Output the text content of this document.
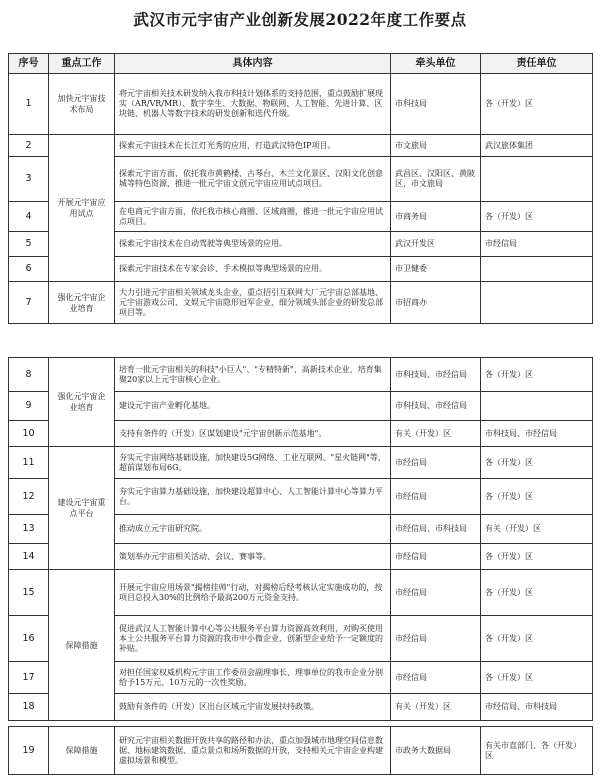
武汉市元宇宙产业创新发展2022年度工作要点
序号	重点工作	具体内容	牵头单位	责任单位
1	加快元宇宙技术布局	将元宇宙相关技术研发纳入我市科技计划体系的支持范围，重点鼓励扩展现实（AR/VR/MR）、数字孪生、大数据、物联网、人工智能、先进计算、区块链、机器人等数字技术的研发创新和迭代升级。	市科技局	各（开发）区
2	开展元宇宙应用试点	探索元宇宙技术在长江灯光秀的应用，打造武汉特色IP项目。	市文旅局	武汉旅体集团
3		探索元宇宙方面，依托我市黄鹤楼、古琴台、木兰文化景区、汉阳文化创意城等特色资源，推进一批元宇宙文创元宇宙应用试点项目。	武昌区、汉阳区、黄陂区，市文旅局	
4		在电商元宇宙方面，依托我市核心商圈、区域商圈，推进一批元宇宙应用试点项目。	市商务局	各（开发）区
5		探索元宇宙技术在自动驾驶等典型场景的应用。	武汉开发区	市经信局
6		探索元宇宙技术在专家会诊、手术模拟等典型场景的应用。	市卫健委	
7	强化元宇宙企业培育	大力引进元宇宙相关领域龙头企业，重点招引互联网大厂元宇宙总部基地、元宇宙游戏公司、文娱元宇宙隐形冠军企业、细分领域头部企业的研发总部项目等。	市招商办	
8	强化元宇宙企业培育	培育一批元宇宙相关的科技"小巨人"、"专精特新"、高新技术企业，培育集聚20家以上元宇宙核心企业。	市科技局、市经信局	各（开发）区
9		建设元宇宙产业孵化基地。	市科技局、市经信局	
10		支持有条件的（开发）区谋划建设"元宇宙创新示范基地"。	有关（开发）区	市科技局、市经信局
11	建设元宇宙重点平台	夯实元宇宙网络基础设施，加快建设5G网络、工业互联网、"星火链网"等，超前谋划布局6G。	市经信局	各（开发）区
12		夯实元宇宙算力基础设施，加快建设超算中心、人工智能计算中心等算力平台。	市经信局	各（开发）区
13		推动成立元宇宙研究院。	市经信局、市科技局	有关（开发）区
14		策划举办元宇宙相关活动、会议、赛事等。	市经信局	各（开发）区
15	保障措施	开展元宇宙应用场景"揭榜挂帅"行动，对揭榜后经考核认定实施成功的，按项目总投入30%的比例给予最高200万元资金支持。	市经信局	各（开发）区
16		促进武汉人工智能计算中心等公共服务平台算力资源高效利用，对购买使用本土公共服务平台算力资源的我市中小微企业、创新型企业给予一定额度的补贴。	市经信局	各（开发）区
17		对担任国家权威机构元宇宙工作委员会副理事长、理事单位的我市企业分别给予15万元、10万元的一次性奖励。	市经信局	各（开发）区
18		鼓励有条件的（开发）区出台区域元宇宙发展扶持政策。	有关（开发）区	市经信局、市科技局
19	保障措施	研究元宇宙相关数据开放共享的路径和办法，重点加强城市地理空间信息数据、地标建筑数据、重点景点和场所数据的开放，支持相关元宇宙企业构建虚拟场景和模型。	市政务大数据局	有关市直部门、各（开发）区
